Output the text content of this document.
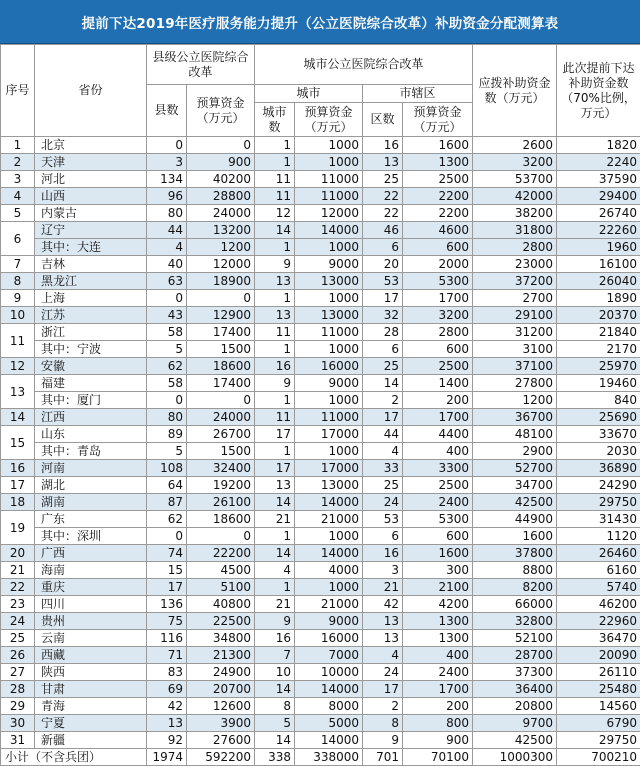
提前下达2019年医疗服务能力提升（公立医院综合改革）补助资金分配测算表
序号	省份	县级公立医院综合改革		城市公立医院综合改革				应拨补助资金数（万元）	此次提前下达补助资金数（70%比例，万元）
		县数	预算资金（万元）	城市		市辖区			
				城市数	预算资金（万元）	区数	预算资金（万元）		
1	北京	0	0	1	1000	16	1600	2600	1820
2	天津	3	900	1	1000	13	1300	3200	2240
3	河北	134	40200	11	11000	25	2500	53700	37590
4	山西	96	28800	11	11000	22	2200	42000	29400
5	内蒙古	80	24000	12	12000	22	2200	38200	26740
6	辽宁	44	13200	14	14000	46	4600	31800	22260
	其中：大连	4	1200	1	1000	6	600	2800	1960
7	吉林	40	12000	9	9000	20	2000	23000	16100
8	黑龙江	63	18900	13	13000	53	5300	37200	26040
9	上海	0	0	1	1000	17	1700	2700	1890
10	江苏	43	12900	13	13000	32	3200	29100	20370
11	浙江	58	17400	11	11000	28	2800	31200	21840
	其中：宁波	5	1500	1	1000	6	600	3100	2170
12	安徽	62	18600	16	16000	25	2500	37100	25970
13	福建	58	17400	9	9000	14	1400	27800	19460
	其中：厦门	0	0	1	1000	2	200	1200	840
14	江西	80	24000	11	11000	17	1700	36700	25690
15	山东	89	26700	17	17000	44	4400	48100	33670
	其中：青岛	5	1500	1	1000	4	400	2900	2030
16	河南	108	32400	17	17000	33	3300	52700	36890
17	湖北	64	19200	13	13000	25	2500	34700	24290
18	湖南	87	26100	14	14000	24	2400	42500	29750
19	广东	62	18600	21	21000	53	5300	44900	31430
	其中：深圳	0	0	1	1000	6	600	1600	1120
20	广西	74	22200	14	14000	16	1600	37800	26460
21	海南	15	4500	4	4000	3	300	8800	6160
22	重庆	17	5100	1	1000	21	2100	8200	5740
23	四川	136	40800	21	21000	42	4200	66000	46200
24	贵州	75	22500	9	9000	13	1300	32800	22960
25	云南	116	34800	16	16000	13	1300	52100	36470
26	西藏	71	21300	7	7000	4	400	28700	20090
27	陕西	83	24900	10	10000	24	2400	37300	26110
28	甘肃	69	20700	14	14000	17	1700	36400	25480
29	青海	42	12600	8	8000	2	200	20800	14560
30	宁夏	13	3900	5	5000	8	800	9700	6790
31	新疆	92	27600	14	14000	9	900	42500	29750
小计（不含兵团）		1974	592200	338	338000	701	70100	1000300	700210
